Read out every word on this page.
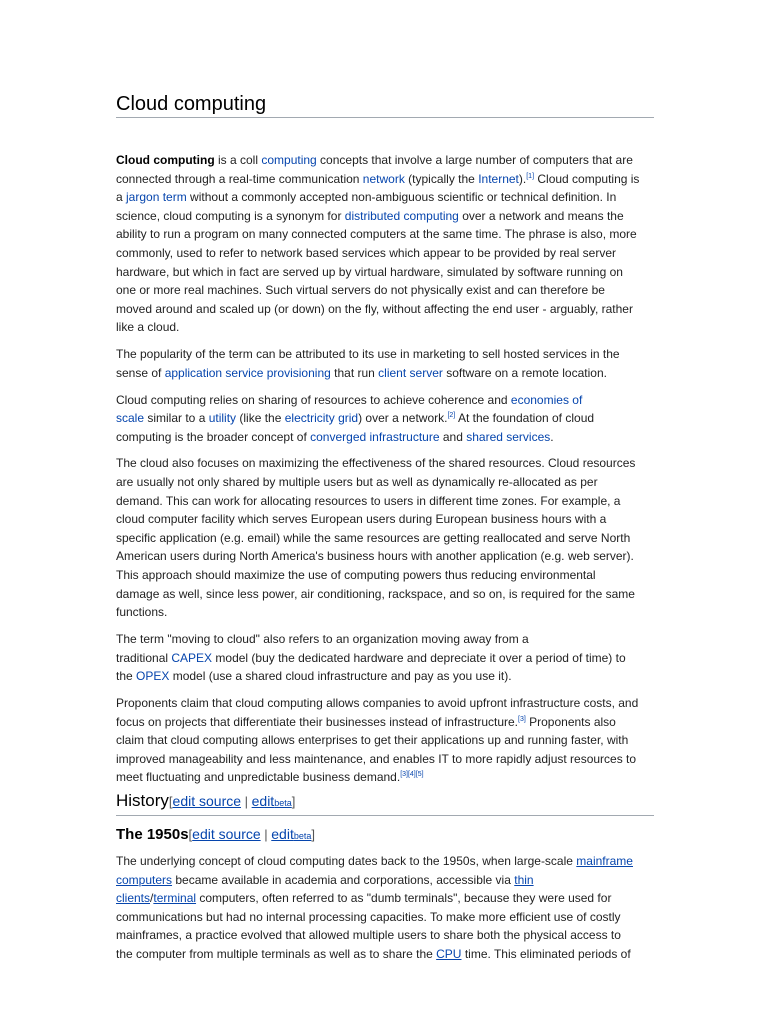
Cloud computing

Cloud computing is a coll computing concepts that involve a large number of computers that are
connected through a real-time communication network (typically the Internet).[1] Cloud computing is
a jargon term without a commonly accepted non-ambiguous scientific or technical definition. In
science, cloud computing is a synonym for distributed computing over a network and means the
ability to run a program on many connected computers at the same time. The phrase is also, more
commonly, used to refer to network based services which appear to be provided by real server
hardware, but which in fact are served up by virtual hardware, simulated by software running on
one or more real machines. Such virtual servers do not physically exist and can therefore be
moved around and scaled up (or down) on the fly, without affecting the end user - arguably, rather
like a cloud.

The popularity of the term can be attributed to its use in marketing to sell hosted services in the
sense of application service provisioning that run client server software on a remote location.

Cloud computing relies on sharing of resources to achieve coherence and economies of
scale similar to a utility (like the electricity grid) over a network.[2] At the foundation of cloud
computing is the broader concept of converged infrastructure and shared services.

The cloud also focuses on maximizing the effectiveness of the shared resources. Cloud resources
are usually not only shared by multiple users but as well as dynamically re-allocated as per
demand. This can work for allocating resources to users in different time zones. For example, a
cloud computer facility which serves European users during European business hours with a
specific application (e.g. email) while the same resources are getting reallocated and serve North
American users during North America's business hours with another application (e.g. web server).
This approach should maximize the use of computing powers thus reducing environmental
damage as well, since less power, air conditioning, rackspace, and so on, is required for the same
functions.

The term "moving to cloud" also refers to an organization moving away from a
traditional CAPEX model (buy the dedicated hardware and depreciate it over a period of time) to
the OPEX model (use a shared cloud infrastructure and pay as you use it).

Proponents claim that cloud computing allows companies to avoid upfront infrastructure costs, and
focus on projects that differentiate their businesses instead of infrastructure.[3] Proponents also
claim that cloud computing allows enterprises to get their applications up and running faster, with
improved manageability and less maintenance, and enables IT to more rapidly adjust resources to
meet fluctuating and unpredictable business demand.[3][4][5]

History[edit source | editbeta]
The 1950s[edit source | editbeta]

The underlying concept of cloud computing dates back to the 1950s, when large-scale mainframe
computers became available in academia and corporations, accessible via thin
clients/terminal computers, often referred to as "dumb terminals", because they were used for
communications but had no internal processing capacities. To make more efficient use of costly
mainframes, a practice evolved that allowed multiple users to share both the physical access to
the computer from multiple terminals as well as to share the CPU time. This eliminated periods of
